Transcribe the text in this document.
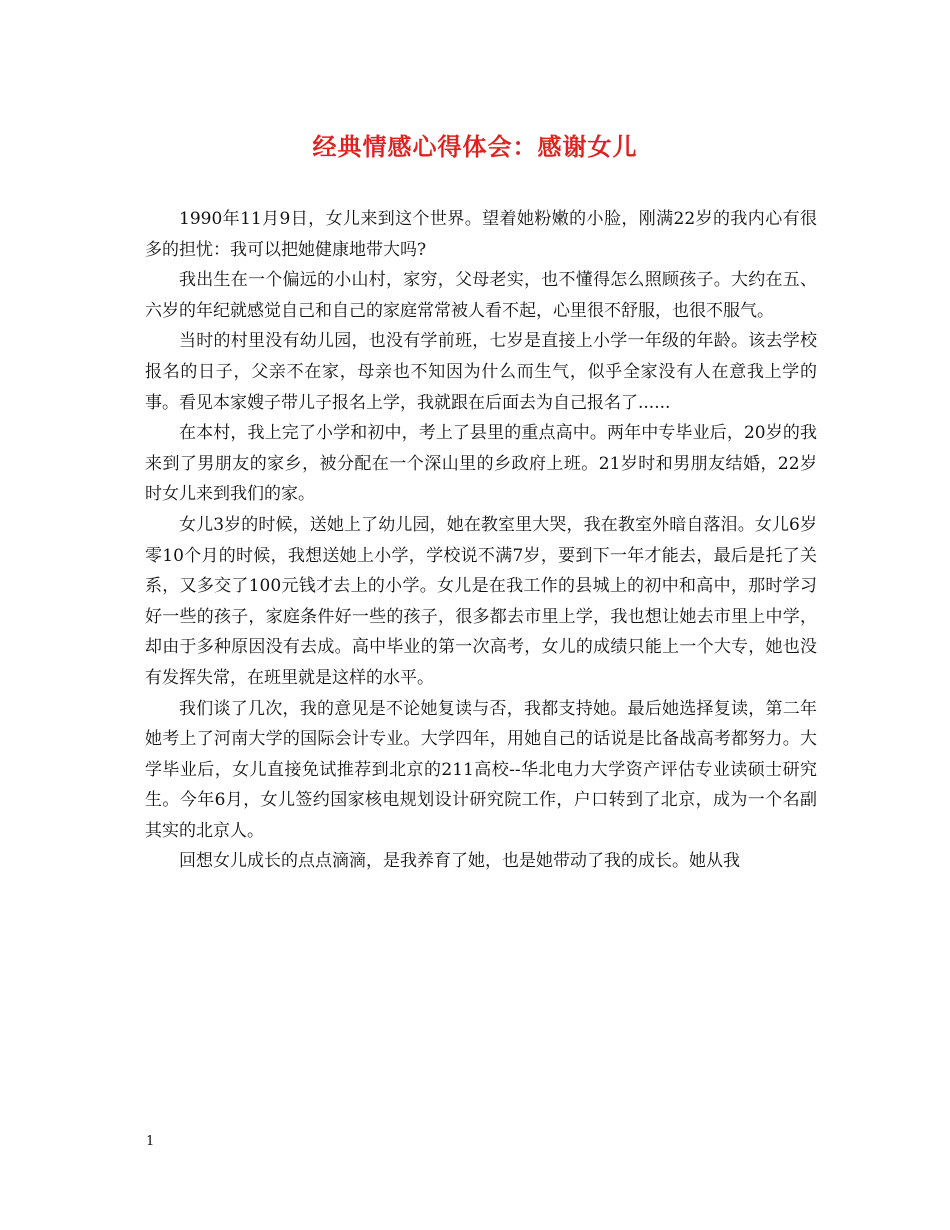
经典情感心得体会：感谢女儿

1990年11月9日，女儿来到这个世界。望着她粉嫩的小脸，刚满22岁的我内心有很多的担忧：我可以把她健康地带大吗?

我出生在一个偏远的小山村，家穷，父母老实，也不懂得怎么照顾孩子。大约在五、六岁的年纪就感觉自己和自己的家庭常常被人看不起，心里很不舒服，也很不服气。

当时的村里没有幼儿园，也没有学前班，七岁是直接上小学一年级的年龄。该去学校报名的日子，父亲不在家，母亲也不知因为什么而生气，似乎全家没有人在意我上学的事。看见本家嫂子带儿子报名上学，我就跟在后面去为自己报名了......

在本村，我上完了小学和初中，考上了县里的重点高中。两年中专毕业后，20岁的我来到了男朋友的家乡，被分配在一个深山里的乡政府上班。21岁时和男朋友结婚，22岁时女儿来到我们的家。

女儿3岁的时候，送她上了幼儿园，她在教室里大哭，我在教室外暗自落泪。女儿6岁零10个月的时候，我想送她上小学，学校说不满7岁，要到下一年才能去，最后是托了关系，又多交了100元钱才去上的小学。女儿是在我工作的县城上的初中和高中，那时学习好一些的孩子，家庭条件好一些的孩子，很多都去市里上学，我也想让她去市里上中学，却由于多种原因没有去成。高中毕业的第一次高考，女儿的成绩只能上一个大专，她也没有发挥失常，在班里就是这样的水平。

我们谈了几次，我的意见是不论她复读与否，我都支持她。最后她选择复读，第二年她考上了河南大学的国际会计专业。大学四年，用她自己的话说是比备战高考都努力。大学毕业后，女儿直接免试推荐到北京的211高校--华北电力大学资产评估专业读硕士研究生。今年6月，女儿签约国家核电规划设计研究院工作，户口转到了北京，成为一个名副其实的北京人。

回想女儿成长的点点滴滴，是我养育了她，也是她带动了我的成长。她从我

1
